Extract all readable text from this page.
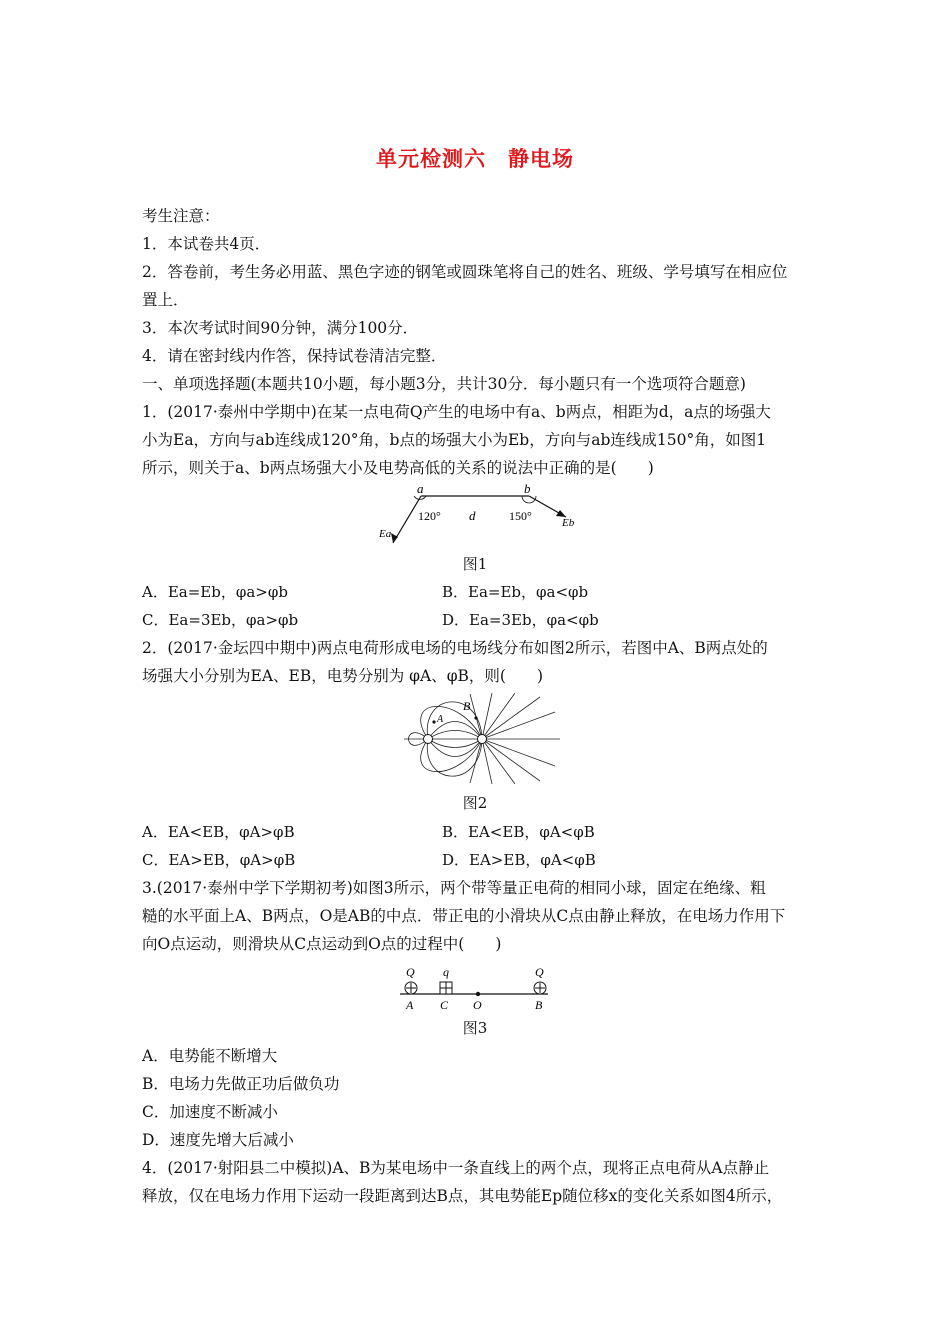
单元检测六　静电场
考生注意：
1．本试卷共4页．
2．答卷前，考生务必用蓝、黑色字迹的钢笔或圆珠笔将自己的姓名、班级、学号填写在相应位
置上．
3．本次考试时间90分钟，满分100分．
4．请在密封线内作答，保持试卷清洁完整．
一、单项选择题(本题共10小题，每小题3分，共计30分．每小题只有一个选项符合题意)
1．(2017·泰州中学期中)在某一点电荷Q产生的电场中有a、b两点，相距为d，a点的场强大
小为Ea，方向与ab连线成120°角，b点的场强大小为Eb，方向与ab连线成150°角，如图1
所示，则关于a、b两点场强大小及电势高低的关系的说法中正确的是(　　)
a	b
120° d	150°
Ea
Eb
图1
A．Ea=Eb，φa>φb	B．Ea=Eb，φa<φb
C．Ea=3Eb，φa>φb	D．Ea=3Eb，φa<φb
2．(2017·金坛四中期中)两点电荷形成电场的电场线分布如图2所示，若图中A、B两点处的
场强大小分别为EA、EB，电势分别为 φA、φB，则(　　)
A
B
图2
A．EA<EB，φA>φB	B．EA<EB，φA<φB
C．EA>EB，φA>φB	D．EA>EB，φA<φB
3.(2017·泰州中学下学期初考)如图3所示，两个带等量正电荷的相同小球，固定在绝缘、粗
糙的水平面上A、B两点，O是AB的中点．带正电的小滑块从C点由静止释放，在电场力作用下
向O点运动，则滑块从C点运动到O点的过程中(　　)
Q q	Q
A C O	B
图3
A．电势能不断增大
B．电场力先做正功后做负功
C．加速度不断减小
D．速度先增大后减小
4．(2017·射阳县二中模拟)A、B为某电场中一条直线上的两个点，现将正点电荷从A点静止
释放，仅在电场力作用下运动一段距离到达B点，其电势能Ep随位移x的变化关系如图4所示，
